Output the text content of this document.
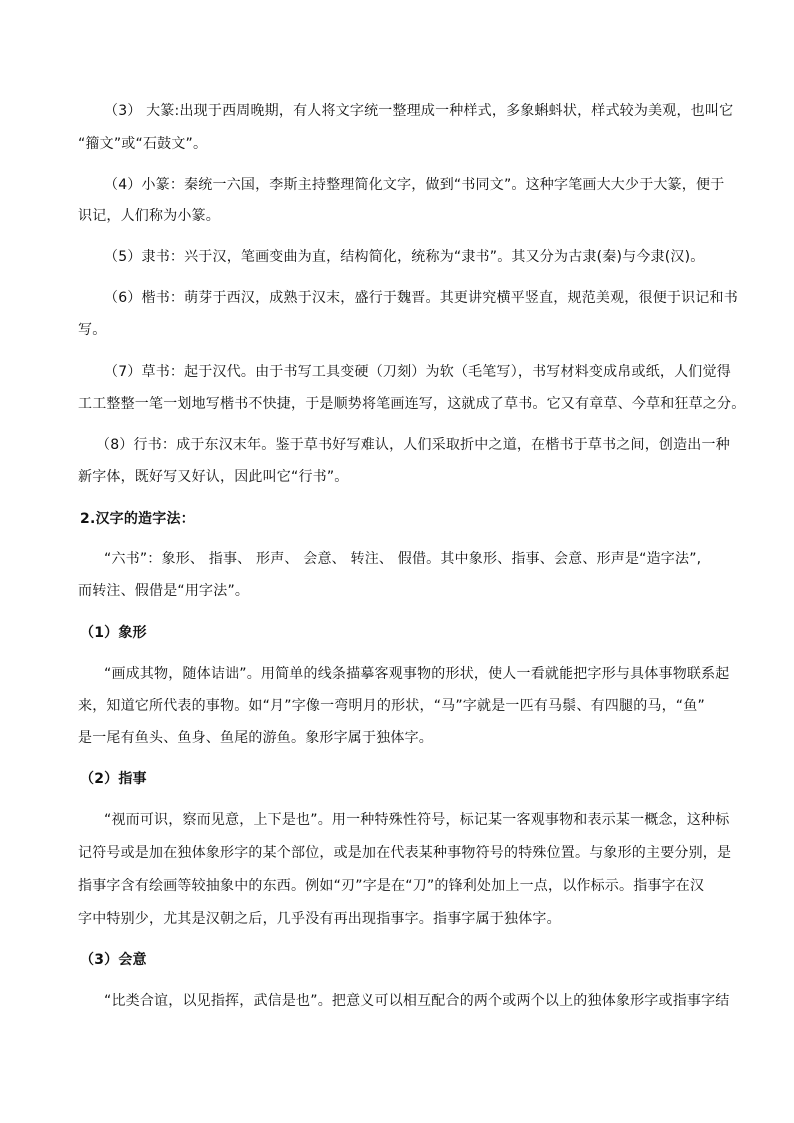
（3） 大篆:出现于西周晚期，有人将文字统一整理成一种样式，多象蝌蚪状，样式较为美观，也叫它

“籀文”或“石鼓文”。

（4）小篆：秦统一六国，李斯主持整理简化文字，做到“书同文”。这种字笔画大大少于大篆，便于

识记，人们称为小篆。

（5）隶书：兴于汉，笔画变曲为直，结构简化，统称为“隶书”。其又分为古隶(秦)与今隶(汉)。

（6）楷书：萌芽于西汉，成熟于汉末，盛行于魏晋。其更讲究横平竖直，规范美观，很便于识记和书

写。

（7）草书：起于汉代。由于书写工具变硬（刀刻）为软（毛笔写），书写材料变成帛或纸，人们觉得

工工整整一笔一划地写楷书不快捷，于是顺势将笔画连写，这就成了草书。它又有章草、今草和狂草之分。

（8）行书：成于东汉末年。鉴于草书好写难认，人们采取折中之道，在楷书于草书之间，创造出一种

新字体，既好写又好认，因此叫它“行书”。

2.汉字的造字法：

“六书”：象形、 指事、 形声、 会意、 转注、 假借。其中象形、指事、会意、形声是“造字法”,

而转注、假借是“用字法”。

（1）象形

“画成其物，随体诘诎”。用简单的线条描摹客观事物的形状，使人一看就能把字形与具体事物联系起

来，知道它所代表的事物。如“月”字像一弯明月的形状，“马”字就是一匹有马鬃、有四腿的马，“鱼”

是一尾有鱼头、鱼身、鱼尾的游鱼。象形字属于独体字。

（2）指事

“视而可识，察而见意，上下是也”。用一种特殊性符号，标记某一客观事物和表示某一概念，这种标

记符号或是加在独体象形字的某个部位，或是加在代表某种事物符号的特殊位置。与象形的主要分别，是

指事字含有绘画等较抽象中的东西。例如“刃”字是在“刀”的锋利处加上一点，以作标示。指事字在汉

字中特别少，尤其是汉朝之后，几乎没有再出现指事字。指事字属于独体字。

（3）会意

“比类合谊，以见指挥，武信是也”。把意义可以相互配合的两个或两个以上的独体象形字或指事字结
